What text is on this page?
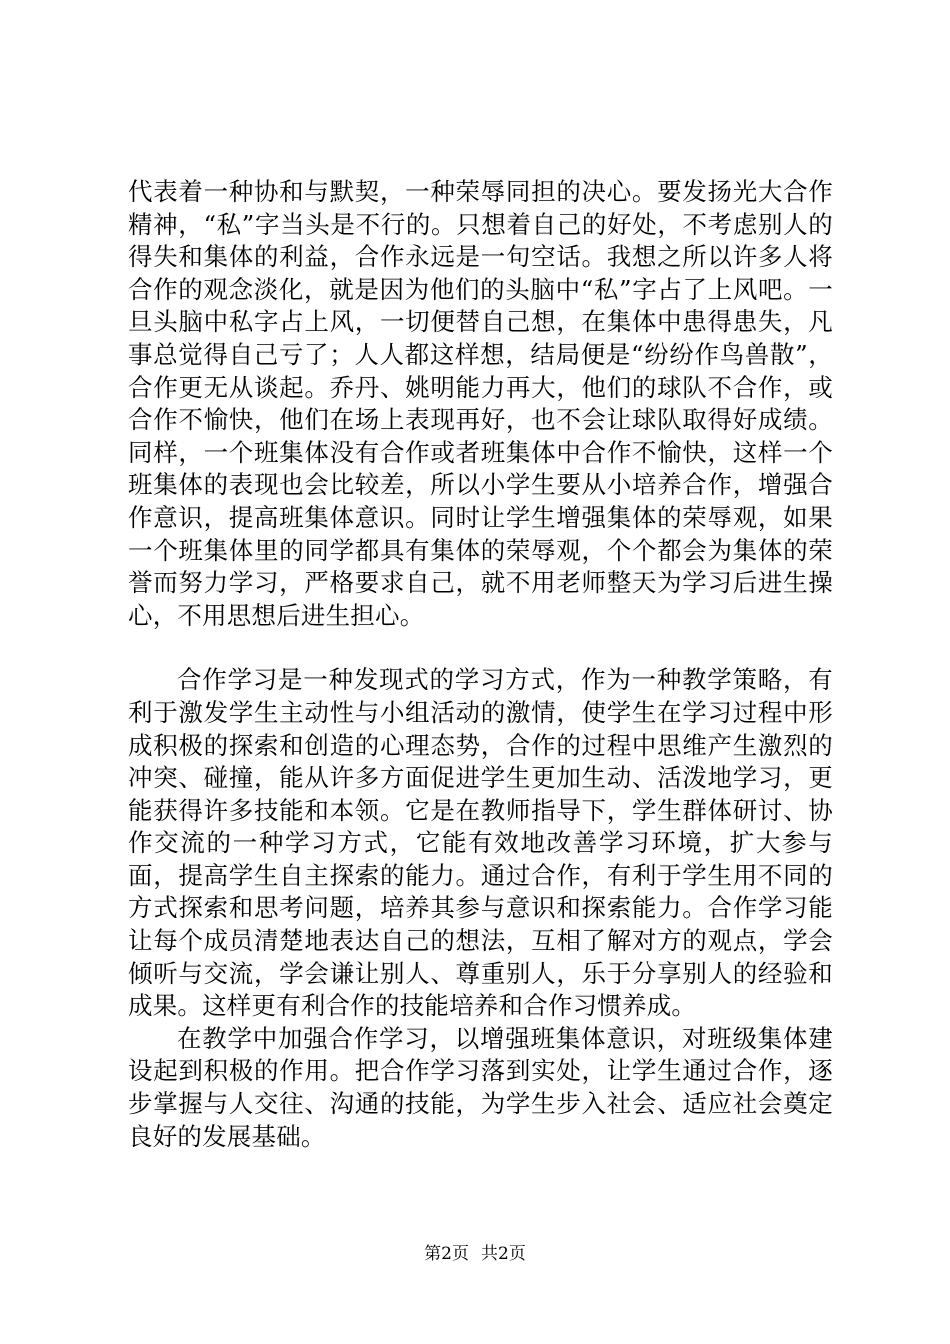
代表着一种协和与默契，一种荣辱同担的决心。要发扬光大合作精神，“私”字当头是不行的。只想着自己的好处，不考虑别人的得失和集体的利益，合作永远是一句空话。我想之所以许多人将合作的观念淡化，就是因为他们的头脑中“私”字占了上风吧。一旦头脑中私字占上风，一切便替自己想，在集体中患得患失，凡事总觉得自己亏了；人人都这样想，结局便是“纷纷作鸟兽散”，合作更无从谈起。乔丹、姚明能力再大，他们的球队不合作，或合作不愉快，他们在场上表现再好，也不会让球队取得好成绩。同样，一个班集体没有合作或者班集体中合作不愉快，这样一个班集体的表现也会比较差，所以小学生要从小培养合作，增强合作意识，提高班集体意识。同时让学生增强集体的荣辱观，如果一个班集体里的同学都具有集体的荣辱观，个个都会为集体的荣誉而努力学习，严格要求自己，就不用老师整天为学习后进生操心，不用思想后进生担心。

合作学习是一种发现式的学习方式，作为一种教学策略，有利于激发学生主动性与小组活动的激情，使学生在学习过程中形成积极的探索和创造的心理态势，合作的过程中思维产生激烈的冲突、碰撞，能从许多方面促进学生更加生动、活泼地学习，更能获得许多技能和本领。它是在教师指导下，学生群体研讨、协作交流的一种学习方式，它能有效地改善学习环境，扩大参与面，提高学生自主探索的能力。通过合作，有利于学生用不同的方式探索和思考问题，培养其参与意识和探索能力。合作学习能让每个成员清楚地表达自己的想法，互相了解对方的观点，学会倾听与交流，学会谦让别人、尊重别人，乐于分享别人的经验和成果。这样更有利合作的技能培养和合作习惯养成。

在教学中加强合作学习，以增强班集体意识，对班级集体建设起到积极的作用。把合作学习落到实处，让学生通过合作，逐步掌握与人交往、沟通的技能，为学生步入社会、适应社会奠定良好的发展基础。

第2页 共2页
